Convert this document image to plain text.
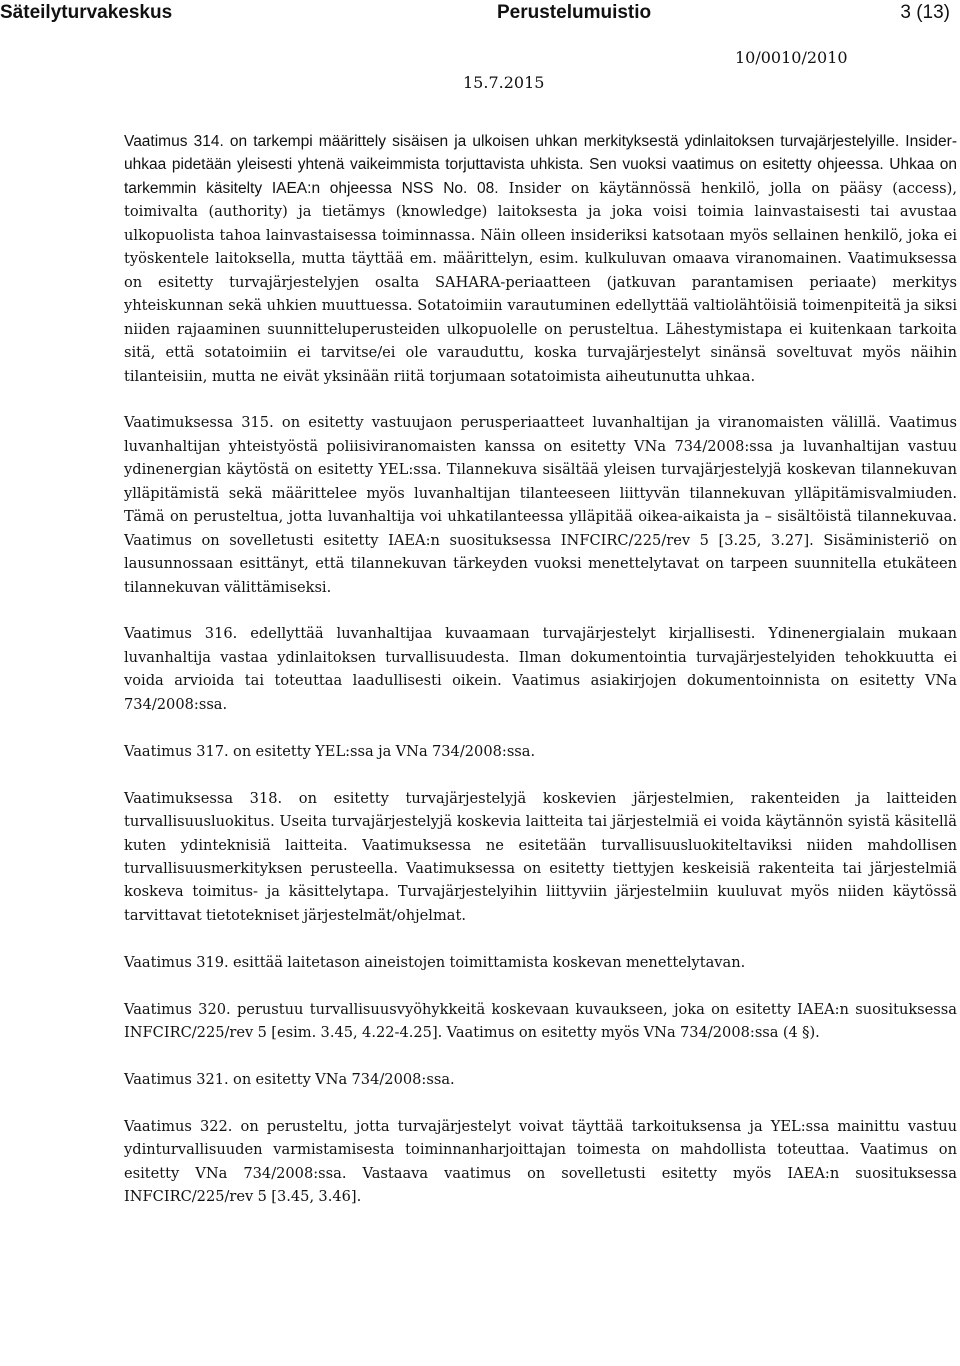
Säteilyturvakeskus	Perustelumuistio	3 (13)
10/0010/2010
15.7.2015

Vaatimus 314. on tarkempi määrittely sisäisen ja ulkoisen uhkan merkityksestä ydinlaitoksen turvajärjestelyille. Insider-uhkaa pidetään yleisesti yhtenä vaikeimmista torjuttavista uhkista. Sen vuoksi vaatimus on esitetty ohjeessa. Uhkaa on tarkemmin käsitelty IAEA:n ohjeessa NSS No. 08. Insider on käytännössä henkilö, jolla on pääsy (access), toimivalta (authority) ja tietämys (knowledge) laitoksesta ja joka voisi toimia lainvastaisesti tai avustaa ulkopuolista tahoa lainvastaisessa toiminnassa. Näin olleen insideriksi katsotaan myös sellainen henkilö, joka ei työskentele laitoksella, mutta täyttää em. määrittelyn, esim. kulkuluvan omaava viranomainen. Vaatimuksessa on esitetty turvajärjestelyjen osalta SAHARA-periaatteen (jatkuvan parantamisen periaate) merkitys yhteiskunnan sekä uhkien muuttuessa. Sotatoimiin varautuminen edellyttää valtiolähtöisiä toimenpiteitä ja siksi niiden rajaaminen suunnitteluperusteiden ulkopuolelle on perusteltua. Lähestymistapa ei kuitenkaan tarkoita sitä, että sotatoimiin ei tarvitse/ei ole varauduttu, koska turvajärjestelyt sinänsä soveltuvat myös näihin tilanteisiin, mutta ne eivät yksinään riitä torjumaan sotatoimista aiheutunutta uhkaa.

Vaatimuksessa 315. on esitetty vastuujaon perusperiaatteet luvanhaltijan ja viranomaisten välillä. Vaatimus luvanhaltijan yhteistyöstä poliisiviranomaisten kanssa on esitetty VNa 734/2008:ssa ja luvanhaltijan vastuu ydinenergian käytöstä on esitetty YEL:ssa. Tilannekuva sisältää yleisen turvajärjestelyjä koskevan tilannekuvan ylläpitämistä sekä määrittelee myös luvanhaltijan tilanteeseen liittyvän tilannekuvan ylläpitämisvalmiuden. Tämä on perusteltua, jotta luvanhaltija voi uhkatilanteessa ylläpitää oikea-aikaista ja – sisältöistä tilannekuvaa. Vaatimus on sovelletusti esitetty IAEA:n suosituksessa INFCIRC/225/rev 5 [3.25, 3.27]. Sisäministeriö on lausunnossaan esittänyt, että tilannekuvan tärkeyden vuoksi menettelytavat on tarpeen suunnitella etukäteen tilannekuvan välittämiseksi.

Vaatimus 316. edellyttää luvanhaltijaa kuvaamaan turvajärjestelyt kirjallisesti. Ydinenergialain mukaan luvanhaltija vastaa ydinlaitoksen turvallisuudesta. Ilman dokumentointia turvajärjestelyiden tehokkuutta ei voida arvioida tai toteuttaa laadullisesti oikein. Vaatimus asiakirjojen dokumentoinnista on esitetty VNa 734/2008:ssa.

Vaatimus 317. on esitetty YEL:ssa ja VNa 734/2008:ssa.

Vaatimuksessa 318. on esitetty turvajärjestelyjä koskevien järjestelmien, rakenteiden ja laitteiden turvallisuusluokitus. Useita turvajärjestelyjä koskevia laitteita tai järjestelmiä ei voida käytännön syistä käsitellä kuten ydinteknisiä laitteita. Vaatimuksessa ne esitetään turvallisuusluokiteltaviksi niiden mahdollisen turvallisuusmerkityksen perusteella. Vaatimuksessa on esitetty tiettyjen keskeisiä rakenteita tai järjestelmiä koskeva toimitus- ja käsittelytapa. Turvajärjestelyihin liittyviin järjestelmiin kuuluvat myös niiden käytössä tarvittavat tietotekniset järjestelmät/ohjelmat.

Vaatimus 319. esittää laitetason aineistojen toimittamista koskevan menettelytavan.

Vaatimus 320. perustuu turvallisuusvyöhykkeitä koskevaan kuvaukseen, joka on esitetty IAEA:n suosituksessa INFCIRC/225/rev 5 [esim. 3.45, 4.22-4.25]. Vaatimus on esitetty myös VNa 734/2008:ssa (4 §).

Vaatimus 321. on esitetty VNa 734/2008:ssa.

Vaatimus 322. on perusteltu, jotta turvajärjestelyt voivat täyttää tarkoituksensa ja YEL:ssa mainittu vastuu ydinturvallisuuden varmistamisesta toiminnanharjoittajan toimesta on mahdollista toteuttaa. Vaatimus on esitetty VNa 734/2008:ssa. Vastaava vaatimus on sovelletusti esitetty myös IAEA:n suosituksessa INFCIRC/225/rev 5 [3.45, 3.46].
